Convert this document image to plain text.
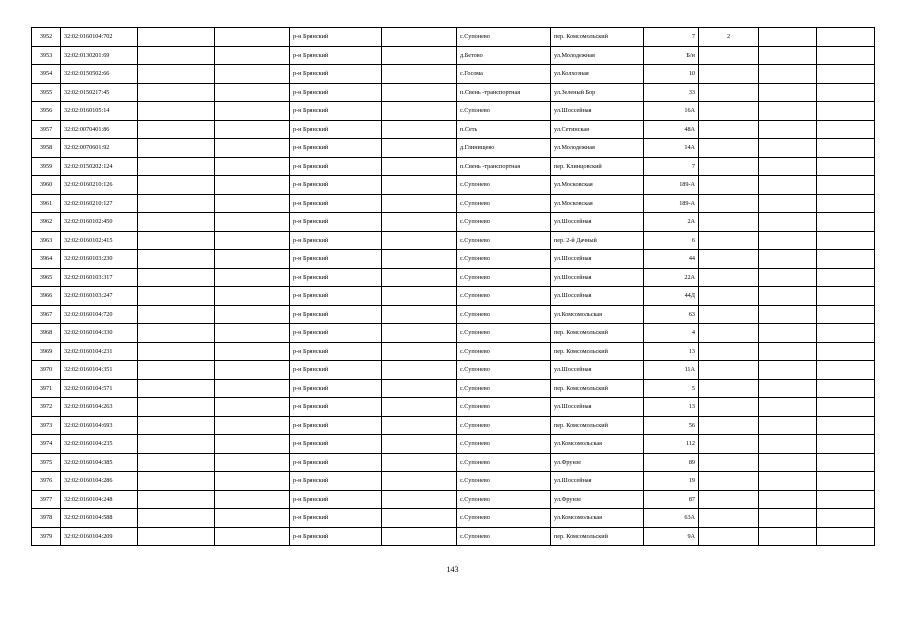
3952	32:02:0160104:702			р-н Брянский		с.Супонево	пер. Комсомольский	7	2		
3953	32:02:0130201:69			р-н Брянский		д.Бетово	ул.Молодежная	Б/н			
3954	32:02:0150502:66			р-н Брянский		с.Госома	ул.Колхозная	10			
3955	32:02:0150217:45			р-н Брянский		п.Свень -транспортная	ул.Зеленый Бор	33			
3956	32:02:0160105:14			р-н Брянский		с.Супонево	ул.Шоссейная	16А			
3957	32:02:0070401:86			р-н Брянский		п.Сеть	ул.Сетинская	48А			
3958	32:02:0070601:92			р-н Брянский		д.Глинищево	ул.Молодежная	14А			
3959	32:02:0150202:124			р-н Брянский		п.Свень -транспортная	пер. Клинцовский	7			
3960	32:02:0160210:126			р-н Брянский		с.Супонево	ул.Московская	189-А			
3961	32:02:0160210:127			р-н Брянский		с.Супонево	ул.Московская	189-А			
3962	32:02:0160102:450			р-н Брянский		с.Супонево	ул.Шоссейная	2А			
3963	32:02:0160102:415			р-н Брянский		с.Супонево	пер. 2-й Дачный	6			
3964	32:02:0160103:230			р-н Брянский		с.Супонево	ул.Шоссейная	44			
3965	32:02:0160103:317			р-н Брянский		с.Супонево	ул.Шоссейная	22А			
3966	32:02:0160103:247			р-н Брянский		с.Супонево	ул.Шоссейная	44Д			
3967	32:02:0160104:720			р-н Брянский		с.Супонево	ул.Комсомольская	63			
3968	32:02:0160104:330			р-н Брянский		с.Супонево	пер. Комсомольский	4			
3969	32:02:0160104:231			р-н Брянский		с.Супонево	пер. Комсомольский	13			
3970	32:02:0160104:351			р-н Брянский		с.Супонево	ул.Шоссейная	11А			
3971	32:02:0160104:571			р-н Брянский		с.Супонево	пер. Комсомольский	5			
3972	32:02:0160104:263			р-н Брянский		с.Супонево	ул.Шоссейная	13			
3973	32:02:0160104:693			р-н Брянский		с.Супонево	пер. Комсомольский	56			
3974	32:02:0160104:235			р-н Брянский		с.Супонево	ул.Комсомольская	112			
3975	32:02:0160104:385			р-н Брянский		с.Супонево	ул.Фрунзе	89			
3976	32:02:0160104:286			р-н Брянский		с.Супонево	ул.Шоссейная	19			
3977	32:02:0160104:248			р-н Брянский		с.Супонево	ул.Фрунзе	87			
3978	32:02:0160104:588			р-н Брянский		с.Супонево	ул.Комсомольская	63А			
3979	32:02:0160104:209			р-н Брянский		с.Супонево	пер. Комсомольский	9А			
143
